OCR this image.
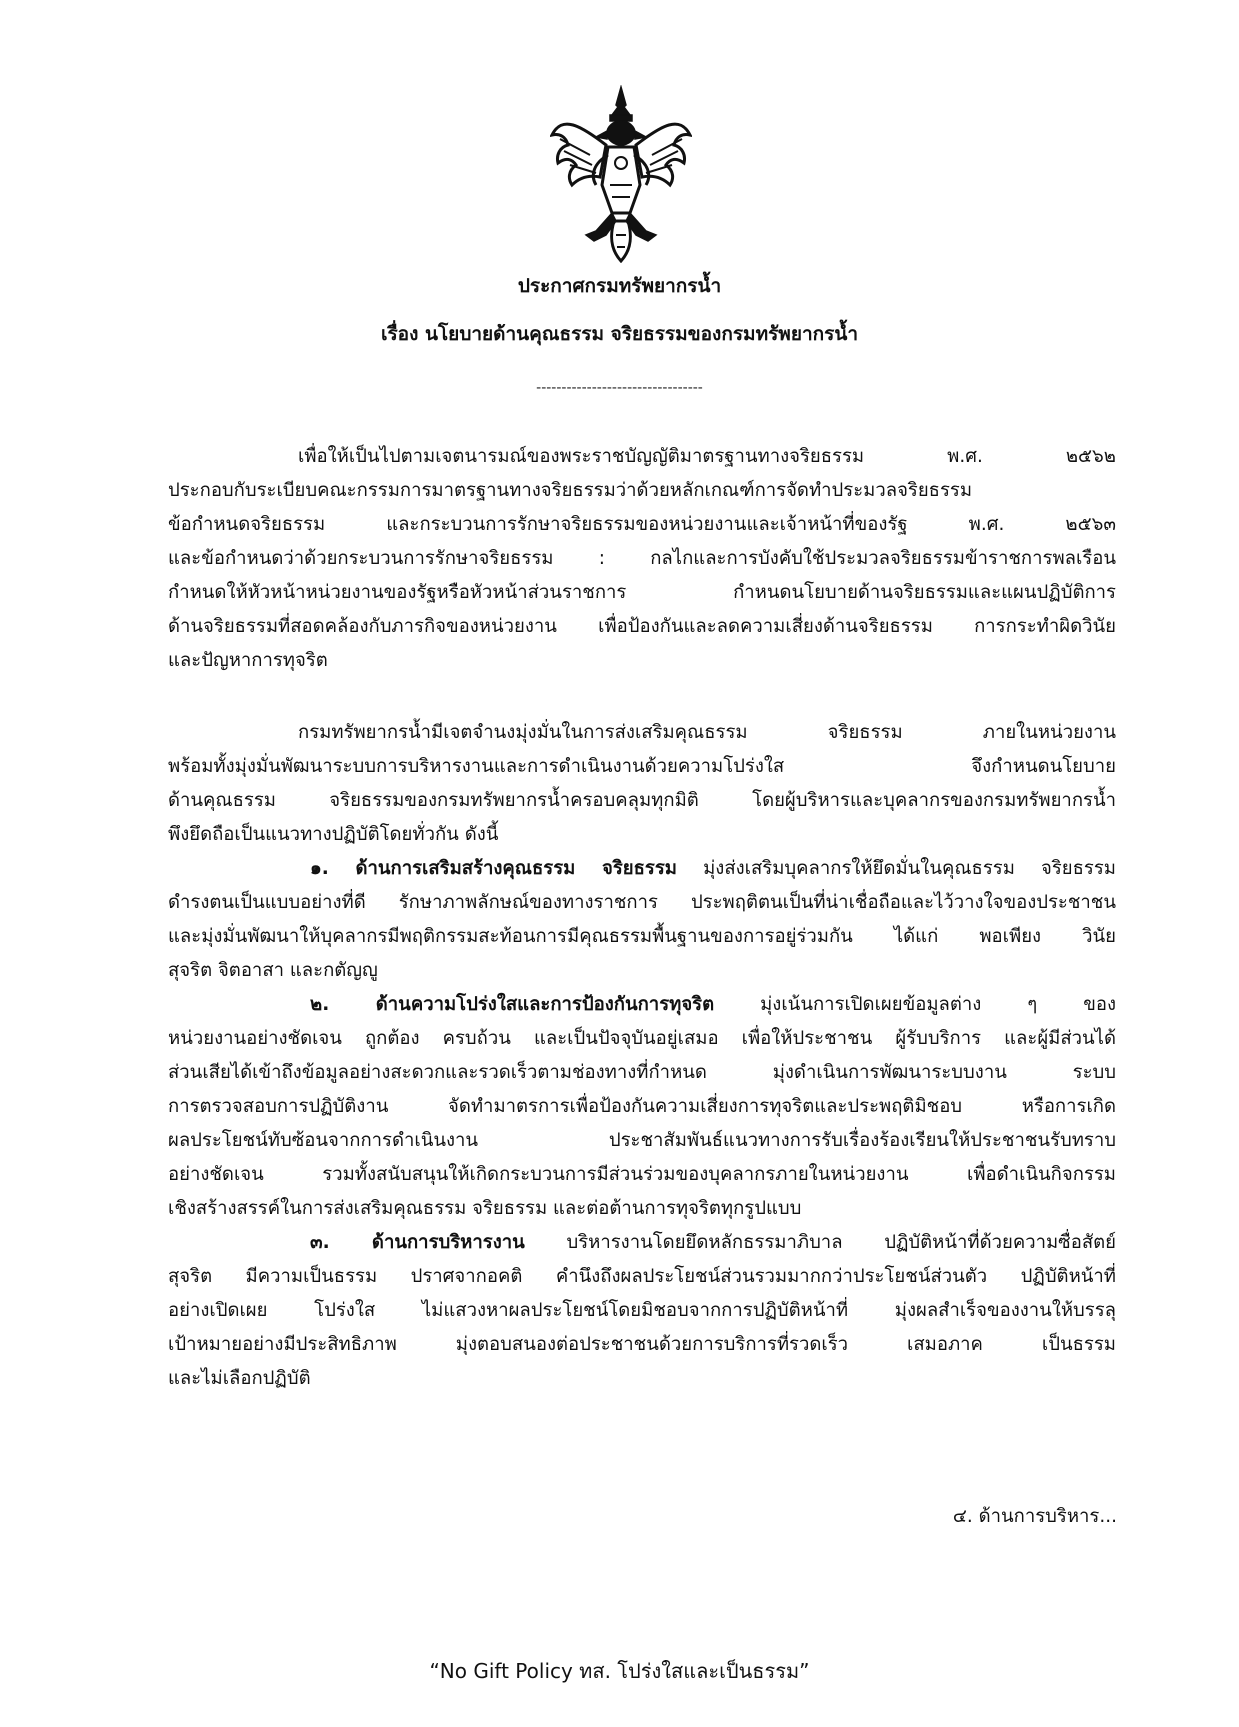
ประกาศกรมทรัพยากรน้ำ
เรื่อง นโยบายด้านคุณธรรม จริยธรรมของกรมทรัพยากรน้ำ
---------------------------------
เพื่อให้เป็นไปตามเจตนารมณ์ของพระราชบัญญัติมาตรฐานทางจริยธรรม พ.ศ. ๒๕๖๒
ประกอบกับระเบียบคณะกรรมการมาตรฐานทางจริยธรรมว่าด้วยหลักเกณฑ์การจัดทำประมวลจริยธรรม
ข้อกำหนดจริยธรรม และกระบวนการรักษาจริยธรรมของหน่วยงานและเจ้าหน้าที่ของรัฐ พ.ศ. ๒๕๖๓
และข้อกำหนดว่าด้วยกระบวนการรักษาจริยธรรม : กลไกและการบังคับใช้ประมวลจริยธรรมข้าราชการพลเรือน
กำหนดให้หัวหน้าหน่วยงานของรัฐหรือหัวหน้าส่วนราชการ กำหนดนโยบายด้านจริยธรรมและแผนปฏิบัติการ
ด้านจริยธรรมที่สอดคล้องกับภารกิจของหน่วยงาน เพื่อป้องกันและลดความเสี่ยงด้านจริยธรรม การกระทำผิดวินัย
และปัญหาการทุจริต
กรมทรัพยากรน้ำมีเจตจำนงมุ่งมั่นในการส่งเสริมคุณธรรม จริยธรรม ภายในหน่วยงาน
พร้อมทั้งมุ่งมั่นพัฒนาระบบการบริหารงานและการดำเนินงานด้วยความโปร่งใส จึงกำหนดนโยบาย
ด้านคุณธรรม จริยธรรมของกรมทรัพยากรน้ำครอบคลุมทุกมิติ โดยผู้บริหารและบุคลากรของกรมทรัพยากรน้ำ
พึงยึดถือเป็นแนวทางปฏิบัติโดยทั่วกัน ดังนี้
๑. ด้านการเสริมสร้างคุณธรรม จริยธรรม มุ่งส่งเสริมบุคลากรให้ยึดมั่นในคุณธรรม จริยธรรม
ดำรงตนเป็นแบบอย่างที่ดี รักษาภาพลักษณ์ของทางราชการ ประพฤติตนเป็นที่น่าเชื่อถือและไว้วางใจของประชาชน
และมุ่งมั่นพัฒนาให้บุคลากรมีพฤติกรรมสะท้อนการมีคุณธรรมพื้นฐานของการอยู่ร่วมกัน ได้แก่ พอเพียง วินัย
สุจริต จิตอาสา และกตัญญู
๒. ด้านความโปร่งใสและการป้องกันการทุจริต มุ่งเน้นการเปิดเผยข้อมูลต่าง ๆ ของ
หน่วยงานอย่างชัดเจน ถูกต้อง ครบถ้วน และเป็นปัจจุบันอยู่เสมอ เพื่อให้ประชาชน ผู้รับบริการ และผู้มีส่วนได้
ส่วนเสียได้เข้าถึงข้อมูลอย่างสะดวกและรวดเร็วตามช่องทางที่กำหนด มุ่งดำเนินการพัฒนาระบบงาน ระบบ
การตรวจสอบการปฏิบัติงาน จัดทำมาตรการเพื่อป้องกันความเสี่ยงการทุจริตและประพฤติมิชอบ หรือการเกิด
ผลประโยชน์ทับซ้อนจากการดำเนินงาน ประชาสัมพันธ์แนวทางการรับเรื่องร้องเรียนให้ประชาชนรับทราบ
อย่างชัดเจน รวมทั้งสนับสนุนให้เกิดกระบวนการมีส่วนร่วมของบุคลากรภายในหน่วยงาน เพื่อดำเนินกิจกรรม
เชิงสร้างสรรค์ในการส่งเสริมคุณธรรม จริยธรรม และต่อต้านการทุจริตทุกรูปแบบ
๓. ด้านการบริหารงาน บริหารงานโดยยึดหลักธรรมาภิบาล ปฏิบัติหน้าที่ด้วยความซื่อสัตย์
สุจริต มีความเป็นธรรม ปราศจากอคติ คำนึงถึงผลประโยชน์ส่วนรวมมากกว่าประโยชน์ส่วนตัว ปฏิบัติหน้าที่
อย่างเปิดเผย โปร่งใส ไม่แสวงหาผลประโยชน์โดยมิชอบจากการปฏิบัติหน้าที่ มุ่งผลสำเร็จของงานให้บรรลุ
เป้าหมายอย่างมีประสิทธิภาพ มุ่งตอบสนองต่อประชาชนด้วยการบริการที่รวดเร็ว เสมอภาค เป็นธรรม
และไม่เลือกปฏิบัติ
๔. ด้านการบริหาร...
“No Gift Policy ทส. โปร่งใสและเป็นธรรม”
